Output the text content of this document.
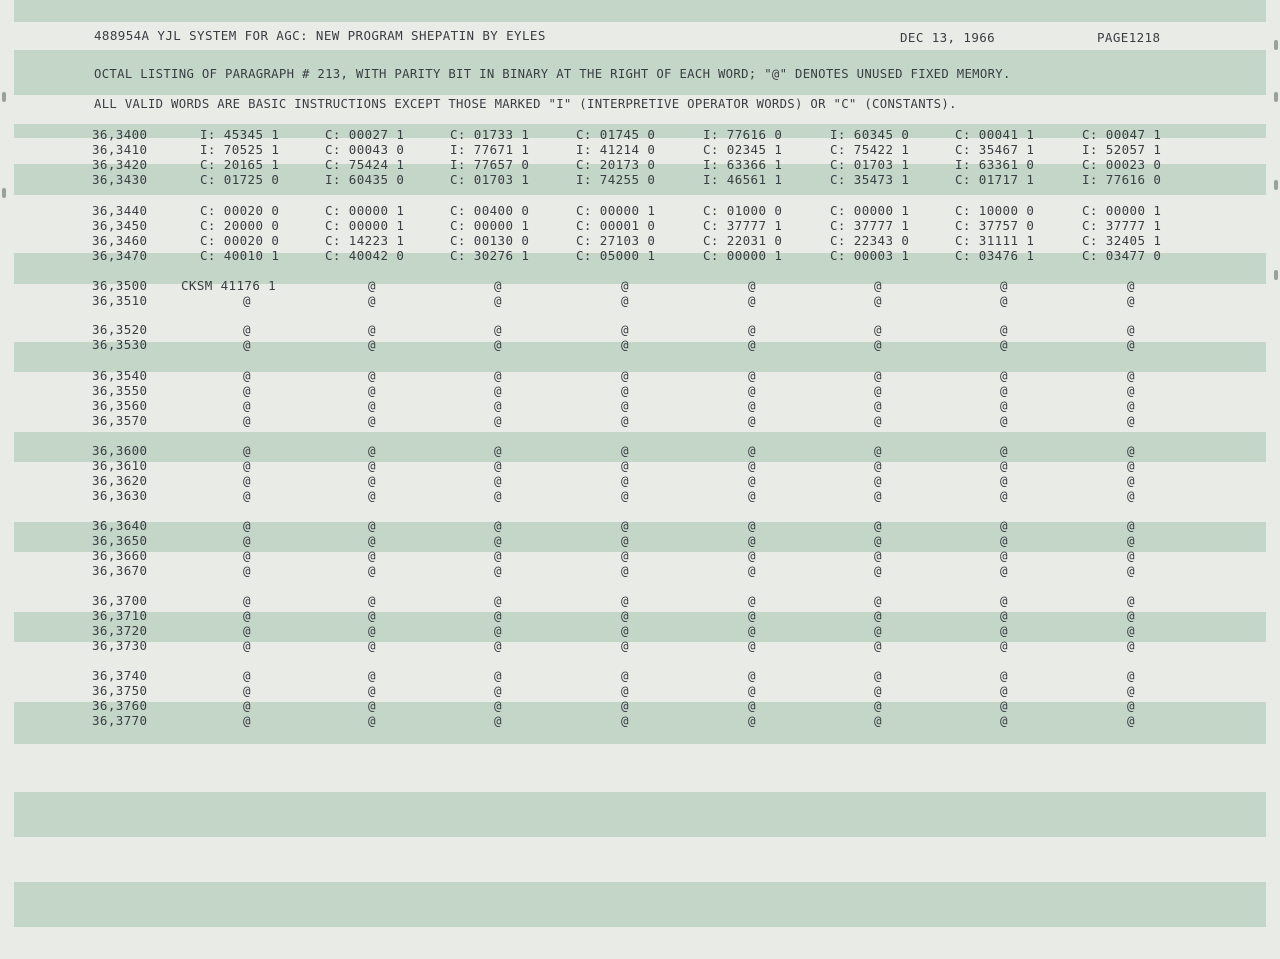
488954A YJL SYSTEM FOR AGC: NEW PROGRAM SHEPATIN BY EYLES	DEC 13, 1966	PAGE1218
OCTAL LISTING OF PARAGRAPH # 213, WITH PARITY BIT IN BINARY AT THE RIGHT OF EACH WORD; "@" DENOTES UNUSED FIXED MEMORY.
ALL VALID WORDS ARE BASIC INSTRUCTIONS EXCEPT THOSE MARKED "I" (INTERPRETIVE OPERATOR WORDS) OR "C" (CONSTANTS).
36,3400	I: 45345 1	C: 00027 1	C: 01733 1	C: 01745 0	I: 77616 0	I: 60345 0	C: 00041 1	C: 00047 1
36,3410	I: 70525 1	C: 00043 0	I: 77671 1	I: 41214 0	C: 02345 1	C: 75422 1	C: 35467 1	I: 52057 1
36,3420	C: 20165 1	C: 75424 1	I: 77657 0	C: 20173 0	I: 63366 1	C: 01703 1	I: 63361 0	C: 00023 0
36,3430	C: 01725 0	I: 60435 0	C: 01703 1	I: 74255 0	I: 46561 1	C: 35473 1	C: 01717 1	I: 77616 0
36,3440	C: 00020 0	C: 00000 1	C: 00400 0	C: 00000 1	C: 01000 0	C: 00000 1	C: 10000 0	C: 00000 1
36,3450	C: 20000 0	C: 00000 1	C: 00000 1	C: 00001 0	C: 37777 1	C: 37777 1	C: 37757 0	C: 37777 1
36,3460	C: 00020 0	C: 14223 1	C: 00130 0	C: 27103 0	C: 22031 0	C: 22343 0	C: 31111 1	C: 32405 1
36,3470	C: 40010 1	C: 40042 0	C: 30276 1	C: 05000 1	C: 00000 1	C: 00003 1	C: 03476 1	C: 03477 0
36,3500	CKSM 41176 1	@	@	@	@	@	@	@
36,3510	@	@	@	@	@	@	@	@
36,3520	@	@	@	@	@	@	@	@
36,3530	@	@	@	@	@	@	@	@
36,3540	@	@	@	@	@	@	@	@
36,3550	@	@	@	@	@	@	@	@
36,3560	@	@	@	@	@	@	@	@
36,3570	@	@	@	@	@	@	@	@
36,3600	@	@	@	@	@	@	@	@
36,3610	@	@	@	@	@	@	@	@
36,3620	@	@	@	@	@	@	@	@
36,3630	@	@	@	@	@	@	@	@
36,3640	@	@	@	@	@	@	@	@
36,3650	@	@	@	@	@	@	@	@
36,3660	@	@	@	@	@	@	@	@
36,3670	@	@	@	@	@	@	@	@
36,3700	@	@	@	@	@	@	@	@
36,3710	@	@	@	@	@	@	@	@
36,3720	@	@	@	@	@	@	@	@
36,3730	@	@	@	@	@	@	@	@
36,3740	@	@	@	@	@	@	@	@
36,3750	@	@	@	@	@	@	@	@
36,3760	@	@	@	@	@	@	@	@
36,3770	@	@	@	@	@	@	@	@
